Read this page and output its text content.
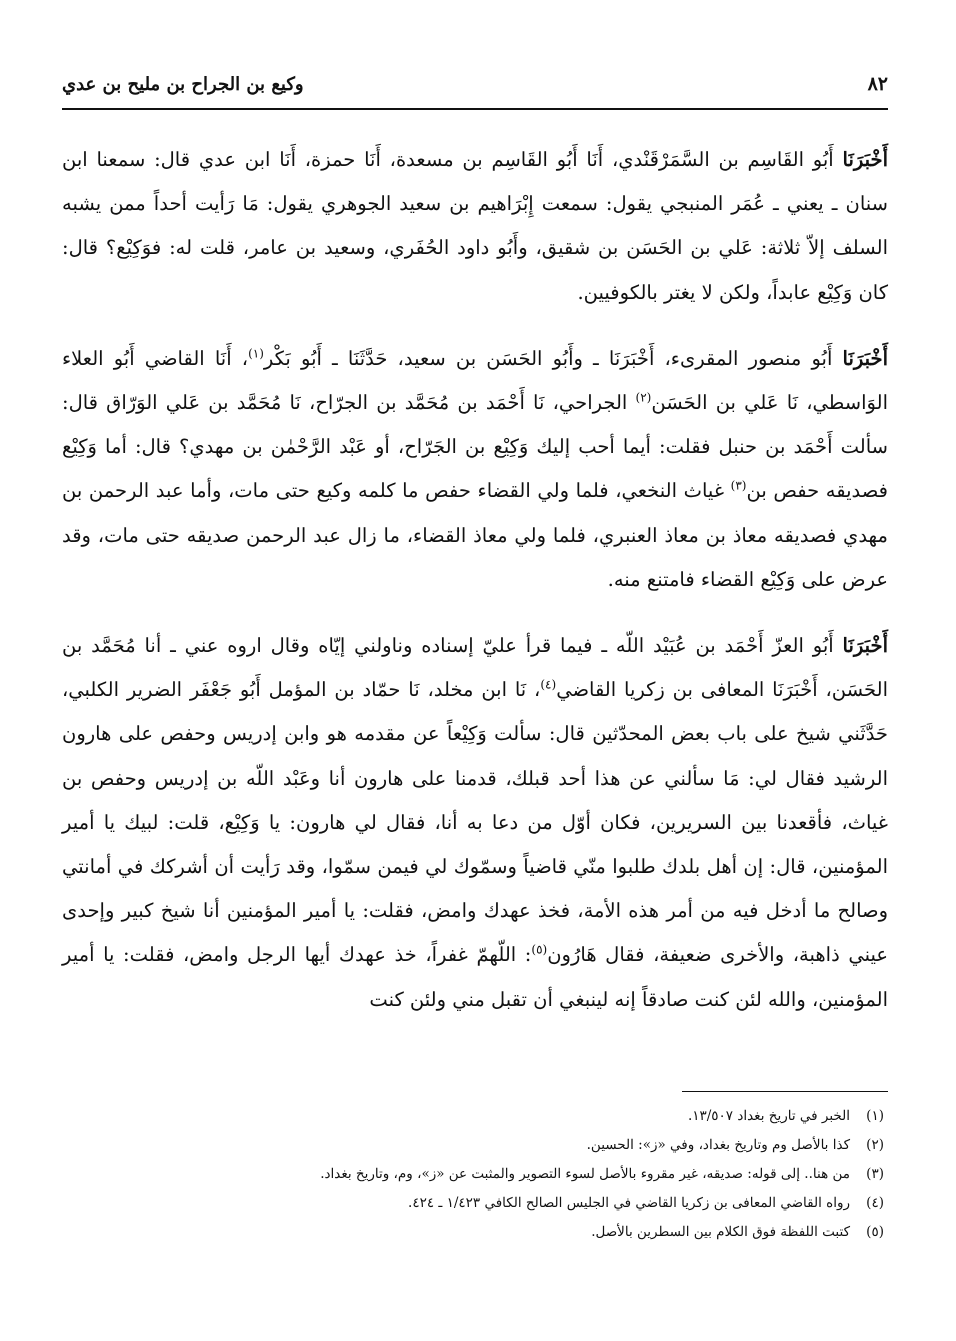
٨٢
وكيع بن الجراح بن مليح بن عدي

أَخْبَرَنَا أَبُو القَاسِم بن السَّمَرْقَنْدي، أَنَا أَبُو القَاسِم بن مسعدة، أَنَا حمزة، أَنَا ابن عدي قال: سمعنا ابن سنان ـ يعني ـ عُمَر المنبجي يقول: سمعت إِبْرَاهيم بن سعيد الجوهري يقول: مَا رَأيت أحداً ممن يشبه السلف إلاّ ثلاثة: عَلي بن الحَسَن بن شقيق، وأَبُو داود الحُفَري، وسعيد بن عامر، قلت له: فوَكِيْع؟ قال: كان وَكِيْع عابداً، ولكن لا يغتر بالكوفيين.

أَخْبَرَنَا أَبُو منصور المقرىء، أَخْبَرَنَا ـ وأَبُو الحَسَن بن سعيد، حَدَّثَنَا ـ أَبُو بَكْر$^{(١)}$، أَنَا القاضي أَبُو العلاء الوَاسطي، نَا عَلي بن الحَسَن$^{(٢)}$ الجراحي، نَا أَحْمَد بن مُحَمَّد بن الجرّاح، نَا مُحَمَّد بن عَلي الوَرّاق قال: سألت أَحْمَد بن حنبل فقلت: أيما أحب إليك وَكِيْع بن الجَرّاح، أو عَبْد الرَّحْمٰن بن مهدي؟ قال: أما وَكِيْع فصديقه حفص بن$^{(٣)}$ غياث النخعي، فلما ولي القضاء حفص ما كلمه وكيع حتى مات، وأما عبد الرحمن بن مهدي فصديقه معاذ بن معاذ العنبري، فلما ولي معاذ القضاء، ما زال عبد الرحمن صديقه حتى مات، وقد عرض على وَكِيْع القضاء فامتنع منه.

أَخْبَرَنَا أَبُو العزّ أَحْمَد بن عُبَيْد اللّه ـ فيما قرأ عليّ إسناده وناولني إيّاه وقال اروه عني ـ أنا مُحَمَّد بن الحَسَن، أَخْبَرَنَا المعافى بن زكريا القاضي$^{(٤)}$، نَا ابن مخلد، نَا حمّاد بن المؤمل أَبُو جَعْفَر الضرير الكلبي، حَدَّثَني شيخ على باب بعض المحدّثين قال: سألت وَكِيْعاً عن مقدمه هو وابن إدريس وحفص على هارون الرشيد فقال لي: مَا سألني عن هذا أحد قبلك، قدمنا على هارون أنا وعَبْد اللّه بن إدريس وحفص بن غياث، فأقعدنا بين السريرين، فكان أوّل من دعا به أنا، فقال لي هارون: يا وَكِيْع، قلت: لبيك يا أمير المؤمنين، قال: إن أهل بلدك طلبوا منّي قاضياً وسمّوك لي فيمن سمّوا، وقد رَأيت أن أشركك في أمانتي وصالح ما أدخل فيه من أمر هذه الأمة، فخذ عهدك وامض، فقلت: يا أمير المؤمنين أنا شيخ كبير وإحدى عيني ذاهبة، والأخرى ضعيفة، فقال هَارُون$^{(٥)}$: اللّهمّ غفراً، خذ عهدك أيها الرجل وامض، فقلت: يا أمير المؤمنين، والله لئن كنت صادقاً إنه لينبغي أن تقبل مني ولئن كنت

(١)
الخبر في تاريخ بغداد ١٣/٥٠٧.
(٢)
كذا بالأصل وم وتاريخ بغداد، وفي «ز»: الحسين.
(٣)
من هنا.. إلى قوله: صديقه، غير مقروء بالأصل لسوء التصوير والمثبت عن «ز»، وم، وتاريخ بغداد.
(٤)
رواه القاضي المعافى بن زكريا القاضي في الجليس الصالح الكافي ١/٤٢٣ ـ ٤٢٤.
(٥)
كتبت اللفظة فوق الكلام بين السطرين بالأصل.
